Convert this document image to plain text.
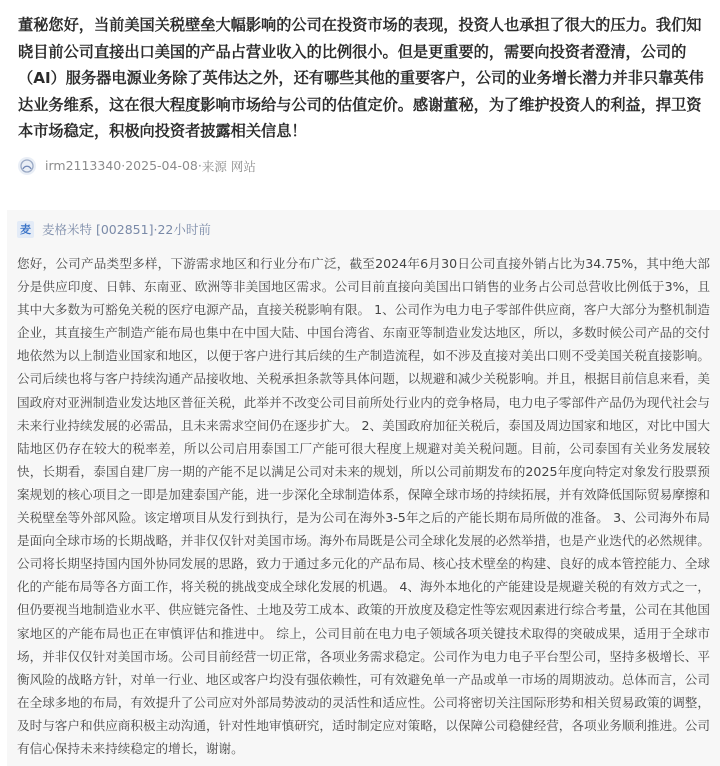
董秘您好，当前美国关税壁垒大幅影响的公司在投资市场的表现，投资人也承担了很大的压力。我们知晓目前公司直接出口美国的产品占营业收入的比例很小。但是更重要的，需要向投资者澄清，公司的（AI）服务器电源业务除了英伟达之外，还有哪些其他的重要客户，公司的业务增长潜力并非只靠英伟达业务维系，这在很大程度影响市场给与公司的估值定价。感谢董秘，为了维护投资人的利益，捍卫资本市场稳定，积极向投资者披露相关信息！

irm2113340 · 2025-04-08 · 来源 网站
麦 麦格米特 [002851] · 22小时前

您好，公司产品类型多样，下游需求地区和行业分布广泛，截至2024年6月30日公司直接外销占比为34.75%，其中绝大部分是供应印度、日韩、东南亚、欧洲等非美国地区需求。公司目前直接向美国出口销售的业务占公司总营收比例低于3%，且其中大多数为可豁免关税的医疗电源产品，直接关税影响有限。 1、公司作为电力电子零部件供应商，客户大部分为整机制造企业，其直接生产制造产能布局也集中在中国大陆、中国台湾省、东南亚等制造业发达地区，所以，多数时候公司产品的交付地依然为以上制造业国家和地区，以便于客户进行其后续的生产制造流程，如不涉及直接对美出口则不受美国关税直接影响。公司后续也将与客户持续沟通产品接收地、关税承担条款等具体问题，以规避和减少关税影响。并且，根据目前信息来看，美国政府对亚洲制造业发达地区普征关税，此举并不改变公司目前所处行业内的竞争格局，电力电子零部件产品仍为现代社会与未来行业持续发展的必需品，且未来需求空间仍在逐步扩大。 2、美国政府加征关税后，泰国及周边国家和地区，对比中国大陆地区仍存在较大的税率差，所以公司启用泰国工厂产能可很大程度上规避对美关税问题。目前，公司泰国有关业务发展较快，长期看，泰国自建厂房一期的产能不足以满足公司对未来的规划，所以公司前期发布的2025年度向特定对象发行股票预案规划的核心项目之一即是加建泰国产能，进一步深化全球制造体系，保障全球市场的持续拓展，并有效降低国际贸易摩擦和关税壁垒等外部风险。该定增项目从发行到执行，是为公司在海外3-5年之后的产能长期布局所做的准备。 3、公司海外布局是面向全球市场的长期战略，并非仅仅针对美国市场。海外布局既是公司全球化发展的必然举措，也是产业迭代的必然规律。公司将长期坚持国内国外协同发展的思路，致力于通过多元化的产品布局、核心技术壁垒的构建、良好的成本管控能力、全球化的产能布局等各方面工作，将关税的挑战变成全球化发展的机遇。 4、海外本地化的产能建设是规避关税的有效方式之一，但仍要视当地制造业水平、供应链完备性、土地及劳工成本、政策的开放度及稳定性等宏观因素进行综合考量，公司在其他国家地区的产能布局也正在审慎评估和推进中。 综上，公司目前在电力电子领域各项关键技术取得的突破成果，适用于全球市场，并非仅仅针对美国市场。公司目前经营一切正常，各项业务需求稳定。公司作为电力电子平台型公司，坚持多极增长、平衡风险的战略方针，对单一行业、地区或客户均没有强依赖性，可有效避免单一产品或单一市场的周期波动。总体而言，公司在全球多地的布局，有效提升了公司应对外部局势波动的灵活性和适应性。公司将密切关注国际形势和相关贸易政策的调整，及时与客户和供应商积极主动沟通，针对性地审慎研究，适时制定应对策略，以保障公司稳健经营，各项业务顺利推进。公司有信心保持未来持续稳定的增长，谢谢。
